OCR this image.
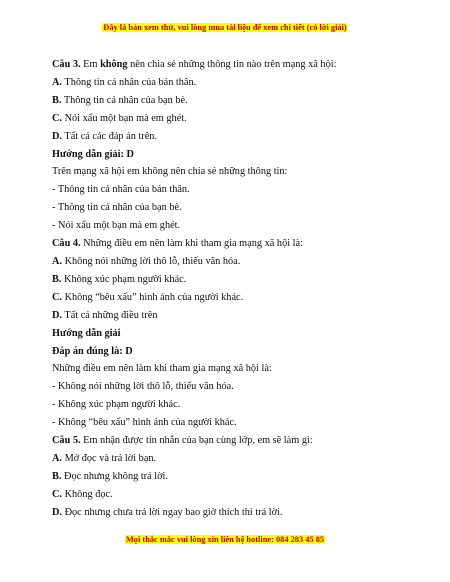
Đây là bản xem thử, vui lòng mua tài liệu để xem chi tiết (có lời giải)
Câu 3. Em không nên chia sẻ những thông tin nào trên mạng xã hội:
A. Thông tin cá nhân của bản thân.
B. Thông tin cá nhân của bạn bè.
C. Nói xấu một bạn mà em ghét.
D. Tất cả các đáp án trên.
Hướng dẫn giải: D
Trên mạng xã hội em không nên chia sẻ những thông tin:
- Thông tin cá nhân của bản thân.
- Thông tin cá nhân của bạn bè.
- Nói xấu một bạn mà em ghét.
Câu 4. Những điều em nên làm khi tham gia mạng xã hội là:
A. Không nói những lời thô lỗ, thiếu văn hóa.
B. Không xúc phạm người khác.
C. Không “bêu xấu” hình ảnh của người khác.
D. Tất cả những điều trên
Hướng dẫn giải
Đáp án đúng là: D
Những điều em nên làm khi tham gia mạng xã hội là:
- Không nói những lời thô lỗ, thiếu văn hóa.
- Không xúc phạm người khác.
- Không “bêu xấu” hình ảnh của người khác.
Câu 5. Em nhận được tin nhắn của bạn cùng lớp, em sẽ làm gì:
A. Mở đọc và trả lời bạn.
B. Đọc nhưng không trả lời.
C. Không đọc.
D. Đọc nhưng chưa trả lời ngay bao giờ thích thì trả lời.
Mọi thắc mắc vui lòng xin liên hệ hotline: 084 283 45 85
